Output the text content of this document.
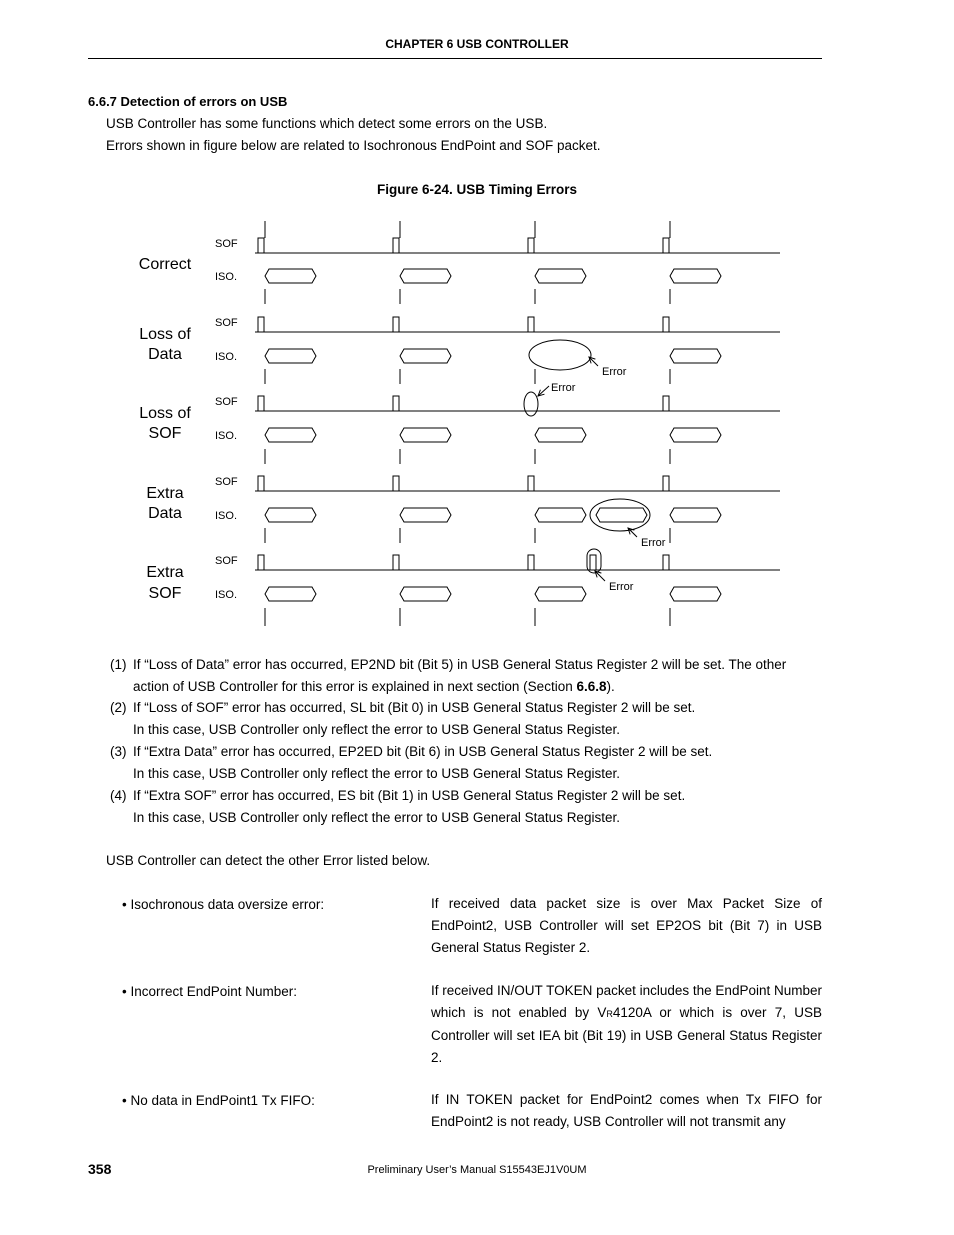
CHAPTER 6 USB CONTROLLER
6.6.7 Detection of errors on USB
USB Controller has some functions which detect some errors on the USB.
Errors shown in figure below are related to Isochronous EndPoint and SOF packet.
Figure 6-24. USB Timing Errors
Correct
SOF
ISO.
Loss of
Data
SOF
ISO.
Error
Loss of
SOF
SOF
ISO.
Error
Extra
Data
SOF
ISO.
Error
Extra
SOF
SOF
ISO.
Error
(1) If “Loss of Data” error has occurred, EP2ND bit (Bit 5) in USB General Status Register 2 will be set. The other
action of USB Controller for this error is explained in next section (Section 6.6.8).
(2) If “Loss of SOF” error has occurred, SL bit (Bit 0) in USB General Status Register 2 will be set.
In this case, USB Controller only reflect the error to USB General Status Register.
(3) If “Extra Data” error has occurred, EP2ED bit (Bit 6) in USB General Status Register 2 will be set.
In this case, USB Controller only reflect the error to USB General Status Register.
(4) If “Extra SOF” error has occurred, ES bit (Bit 1) in USB General Status Register 2 will be set.
In this case, USB Controller only reflect the error to USB General Status Register.
USB Controller can detect the other Error listed below.
• Isochronous data oversize error:	If received data packet size is over Max Packet Size of EndPoint2, USB Controller will set EP2OS bit (Bit 7) in USB General Status Register 2.
• Incorrect EndPoint Number:	If received IN/OUT TOKEN packet includes the EndPoint Number which is not enabled by VR4120A or which is over 7, USB Controller will set IEA bit (Bit 19) in USB General Status Register 2.
• No data in EndPoint1 Tx FIFO:	If IN TOKEN packet for EndPoint2 comes when Tx FIFO for EndPoint2 is not ready, USB Controller will not transmit any
358	Preliminary User’s Manual S15543EJ1V0UM
